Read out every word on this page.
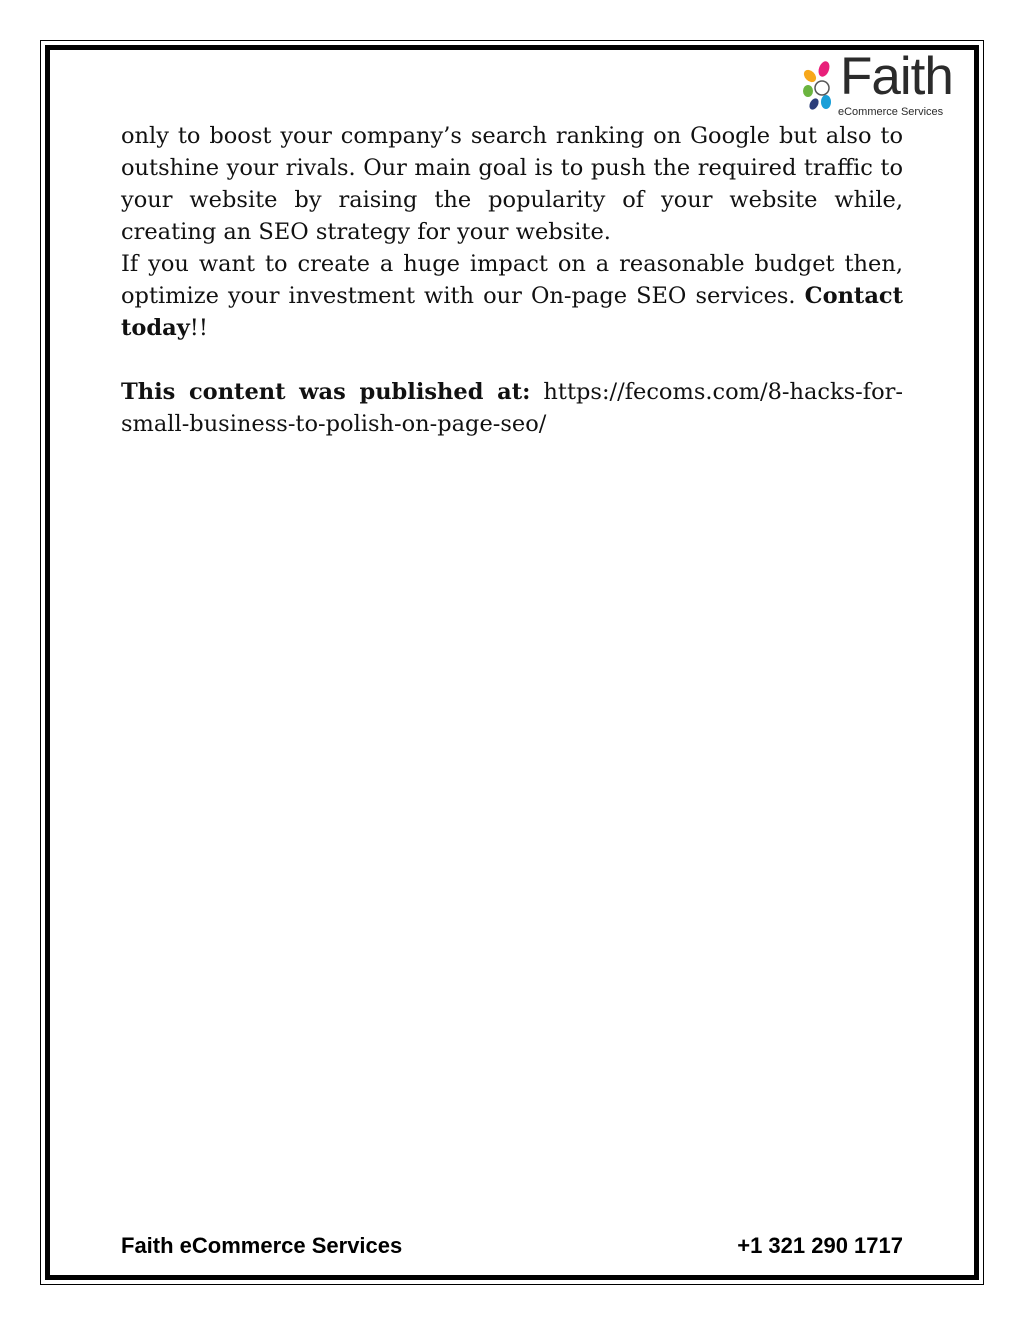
Faith
eCommerce Services

only to boost your company’s search ranking on Google but also to outshine your rivals. Our main goal is to push the required traffic to your website by raising the popularity of your website while, creating an SEO strategy for your website.

If you want to create a huge impact on a reasonable budget then, optimize your investment with our On-page SEO services. Contact today!!

This content was published at: https://fecoms.com/8-hacks-for-small-business-to-polish-on-page-seo/

Faith eCommerce Services	+1 321 290 1717
